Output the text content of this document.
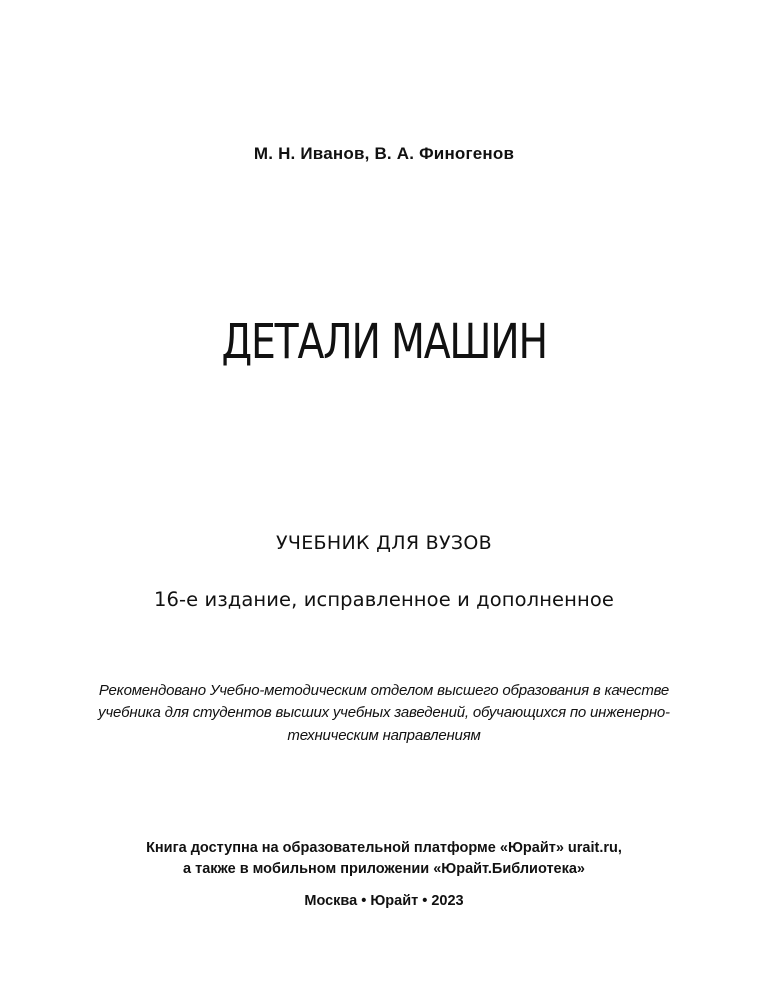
М. Н. Иванов, В. А. Финогенов
ДЕТАЛИ МАШИН
УЧЕБНИК ДЛЯ ВУЗОВ
16-е издание, исправленное и дополненное
Рекомендовано Учебно-методическим отделом высшего образования в качестве
учебника для студентов высших учебных заведений, обучающихся по инженерно-
техническим направлениям
Книга доступна на образовательной платформе «Юрайт» urait.ru,
а также в мобильном приложении «Юрайт.Библиотека»
Москва • Юрайт • 2023
